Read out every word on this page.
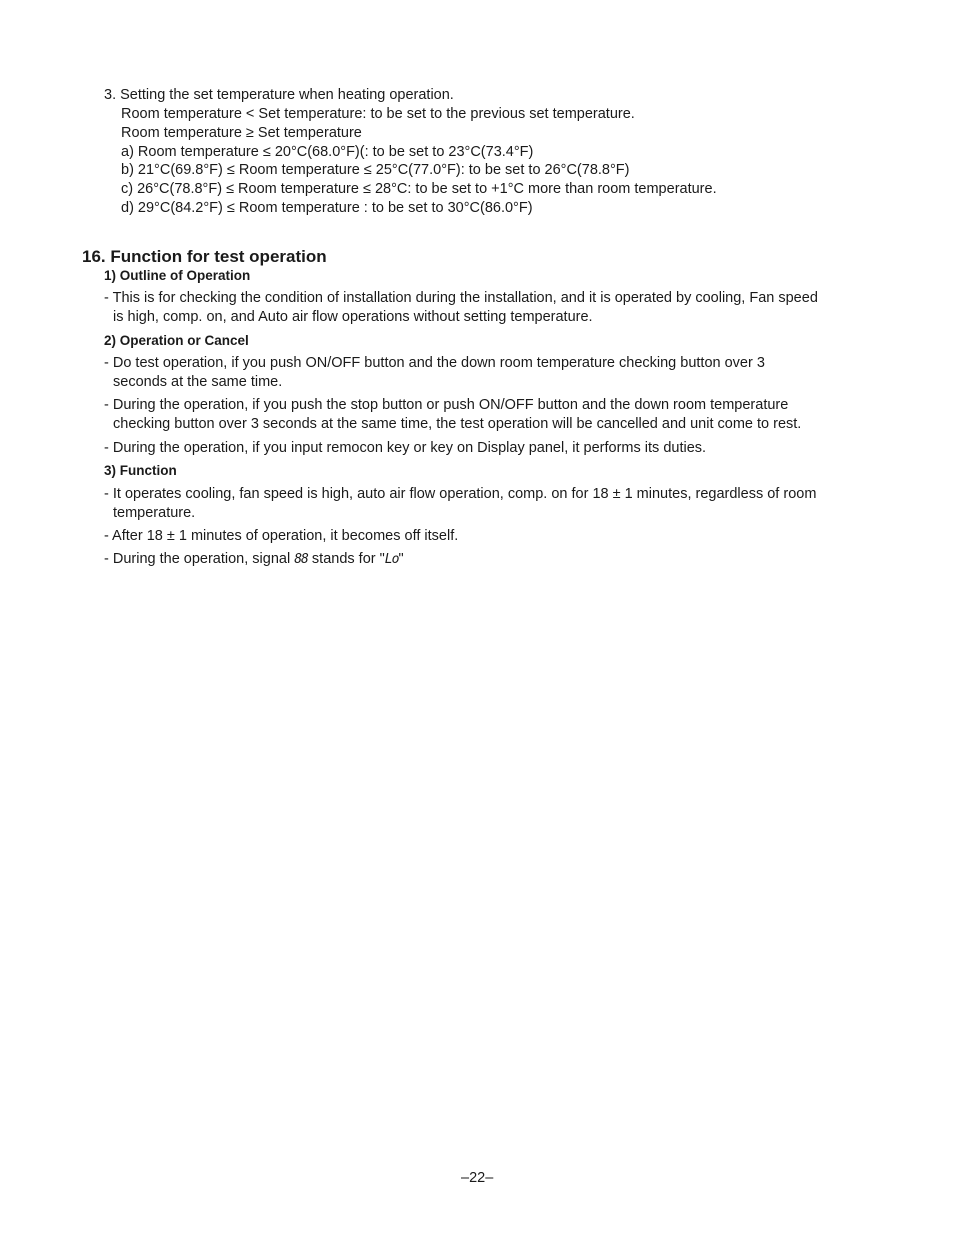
3. Setting the set temperature when heating operation.
Room temperature < Set temperature: to be set to the previous set temperature.
Room temperature ≥ Set temperature
a) Room temperature ≤ 20°C(68.0°F)(: to be set to 23°C(73.4°F)
b) 21°C(69.8°F) ≤ Room temperature ≤ 25°C(77.0°F): to be set to 26°C(78.8°F)
c) 26°C(78.8°F) ≤ Room temperature ≤ 28°C: to be set to +1°C more than room temperature.
d) 29°C(84.2°F) ≤ Room temperature : to be set to 30°C(86.0°F)
16. Function for test operation
1) Outline of Operation
- This is for checking the condition of installation during the installation, and it is operated by cooling, Fan speed
is high, comp. on, and Auto air flow operations without setting temperature.
2) Operation or Cancel
- Do test operation, if you push ON/OFF button and the down room temperature checking button over 3
seconds at the same time.
- During the operation, if you push the stop button or push ON/OFF button and the down room temperature
checking button over 3 seconds at the same time, the test operation will be cancelled and unit come to rest.
- During the operation, if you input remocon key or key on Display panel, it performs its duties.
3) Function
- It operates cooling, fan speed is high, auto air flow operation, comp. on for 18 ± 1 minutes, regardless of room
temperature.
- After 18 ± 1 minutes of operation, it becomes off itself.
- During the operation, signal 88 stands for "Lo"
–22–
